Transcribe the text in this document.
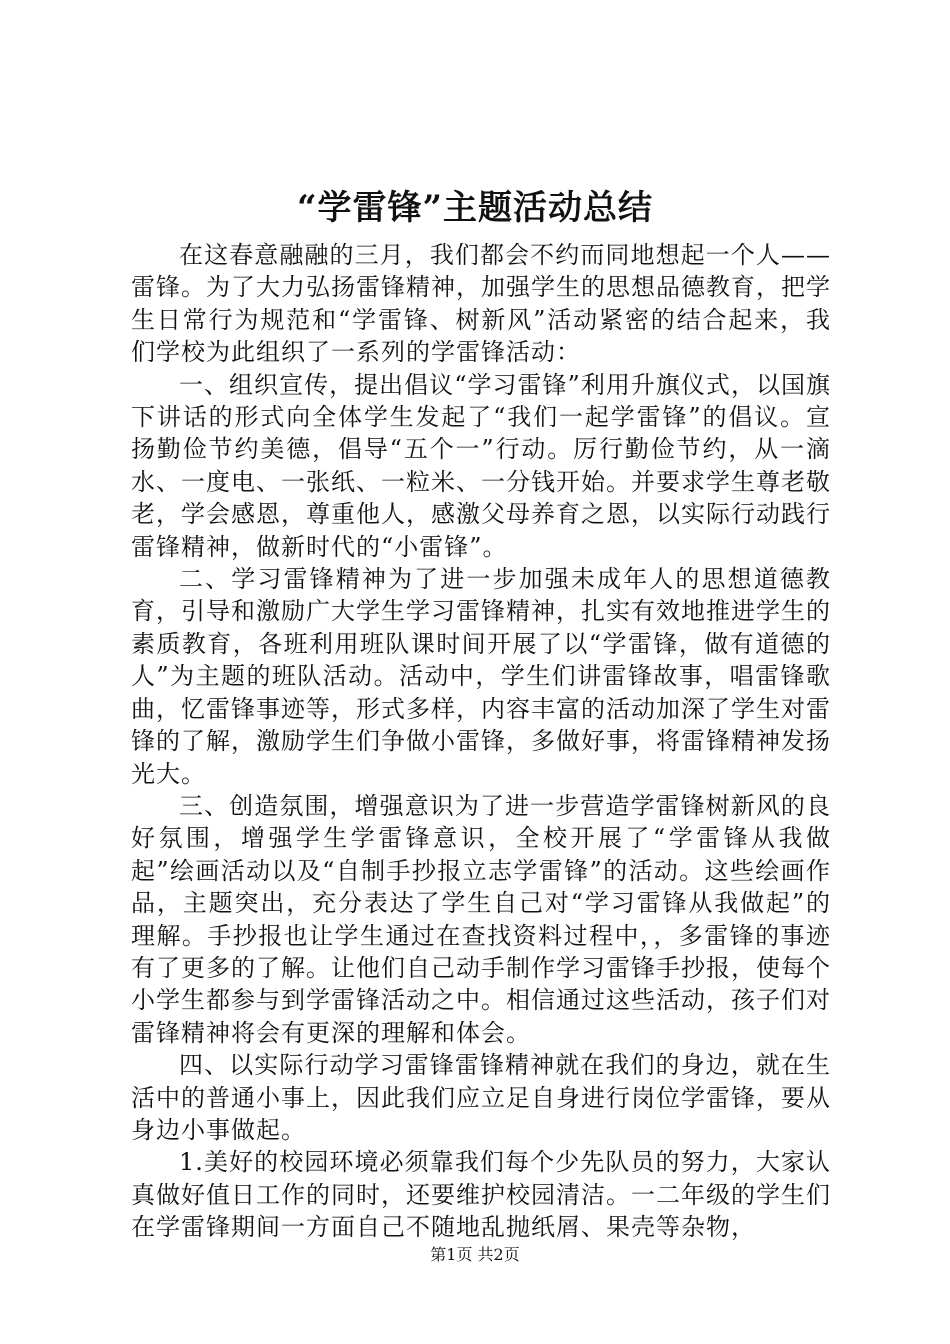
“学雷锋”主题活动总结

在这春意融融的三月，我们都会不约而同地想起一个人——雷锋。为了大力弘扬雷锋精神，加强学生的思想品德教育，把学生日常行为规范和“学雷锋、树新风”活动紧密的结合起来，我们学校为此组织了一系列的学雷锋活动：

一、组织宣传，提出倡议“学习雷锋”利用升旗仪式，以国旗下讲话的形式向全体学生发起了“我们一起学雷锋”的倡议。宣扬勤俭节约美德，倡导“五个一”行动。厉行勤俭节约，从一滴水、一度电、一张纸、一粒米、一分钱开始。并要求学生尊老敬老，学会感恩，尊重他人，感激父母养育之恩，以实际行动践行雷锋精神，做新时代的“小雷锋”。

二、学习雷锋精神为了进一步加强未成年人的思想道德教育，引导和激励广大学生学习雷锋精神，扎实有效地推进学生的素质教育，各班利用班队课时间开展了以“学雷锋，做有道德的人”为主题的班队活动。活动中，学生们讲雷锋故事，唱雷锋歌曲，忆雷锋事迹等，形式多样，内容丰富的活动加深了学生对雷锋的了解，激励学生们争做小雷锋，多做好事，将雷锋精神发扬光大。

三、创造氛围，增强意识为了进一步营造学雷锋树新风的良好氛围，增强学生学雷锋意识，全校开展了“学雷锋从我做起”绘画活动以及“自制手抄报立志学雷锋”的活动。这些绘画作品，主题突出，充分表达了学生自己对“学习雷锋从我做起”的理解。手抄报也让学生通过在查找资料过程中，，多雷锋的事迹有了更多的了解。让他们自己动手制作学习雷锋手抄报，使每个小学生都参与到学雷锋活动之中。相信通过这些活动，孩子们对雷锋精神将会有更深的理解和体会。

四、以实际行动学习雷锋雷锋精神就在我们的身边，就在生活中的普通小事上，因此我们应立足自身进行岗位学雷锋，要从身边小事做起。

1.美好的校园环境必须靠我们每个少先队员的努力，大家认真做好值日工作的同时，还要维护校园清洁。一二年级的学生们在学雷锋期间一方面自己不随地乱抛纸屑、果壳等杂物，

第1页 共2页
